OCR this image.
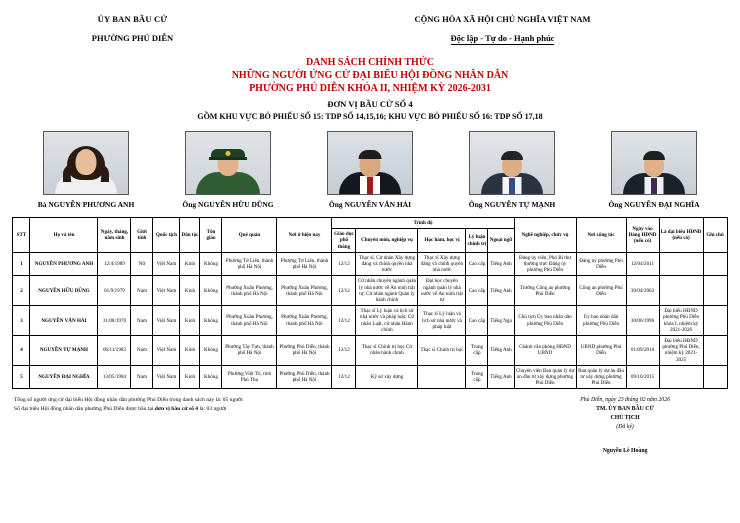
ỦY BAN BẦU CỬ
PHƯỜNG PHÚ DIỄN
CỘNG HÒA XÃ HỘI CHỦ NGHĨA VIỆT NAM
Độc lập - Tự do - Hạnh phúc
DANH SÁCH CHÍNH THỨC
NHỮNG NGƯỜI ỨNG CỬ ĐẠI BIỂU HỘI ĐỒNG NHÂN DÂN
PHƯỜNG PHÚ DIỄN KHÓA II, NHIỆM KỲ 2026-2031
ĐƠN VỊ BẦU CỬ SỐ 4
GỒM KHU VỰC BỎ PHIẾU SỐ 15: TDP SỐ 14,15,16; KHU VỰC BỎ PHIẾU SỐ 16: TDP SỐ 17,18
Bà NGUYỄN PHƯƠNG ANH	Ông NGUYỄN HỮU DŨNG	Ông NGUYỄN VĂN HẢI	Ông NGUYỄN TỰ MẠNH	Ông NGUYỄN ĐẠI NGHĨA
STT	Họ và tên	Ngày, tháng, năm sinh	Giới tính	Quốc tịch	Dân tộc	Tôn giáo	Quê quán	Nơi ở hiện nay	Trình độ					Nghề nghiệp, chức vụ	Nơi công tác	Ngày vào Đảng HĐND (nếu có)	Là đại biểu HĐND (nếu có)	Ghi chú
									Giáo dục phổ thông	Chuyên môn, nghiệp vụ	Học hàm, học vị	Lý luận chính trị	Ngoại ngữ					
1	NGUYỄN PHƯƠNG ANH	12/4/1989	Nữ	Việt Nam	Kinh	Không	Phường Tứ Liên, thành phố Hà Nội	Phường Tứ Liên, thành phố Hà Nội	12/12	Thạc sĩ, Cử nhân Xây dựng đảng và chính quyền nhà nước	Thạc sĩ Xây dựng đảng và chính quyền nhà nước	Cao cấp	Tiếng Anh	Đảng ủy viên, Phó Bí thư thường trực Đảng ủy phường Phú Diễn	Đảng ủy phường Phú Diễn	12/04/2011		
2	NGUYỄN HỮU DŨNG	01/9/1979	Nam	Việt Nam	Kinh	Không	Phường Xuân Phương, thành phố Hà Nội	Phường Xuân Phương, thành phố Hà Nội	12/12	Cử nhân chuyên ngành quản lý nhà nước về An ninh trật tự; Cử nhân ngành Quản lý hành chính	Đại học chuyên ngành quản lý nhà nước về An ninh trật tự	Cao cấp	Tiếng Anh	Trưởng Công an phường Phú Diễn	Công an phường Phú Diễn	30/04/2002		
3	NGUYỄN VĂN HẢI	31/08/1970	Nam	Việt Nam	Kinh	Không	Phường Xuân Phương, thành phố Hà Nội	Phường Xuân Phương, thành phố Hà Nội	12/12	Thạc sĩ Lý luận và lịch sử nhà nước và pháp luật; Cử nhân Luật, cử nhân Hành chính	Thạc sĩ Lý luận và lịch sử nhà nước và pháp luật	Cao cấp	Tiếng Nga	Chủ tịch Ủy ban nhân dân phường Phú Diễn	Ủy ban nhân dân phường Phú Diễn	30/06/1996	Đại biểu HĐND phường Phú Diễn khóa I, nhiệm kỳ 2021-2026	
4	NGUYỄN TỰ MẠNH	06/11/1983	Nam	Việt Nam	Kinh	Không	Phường Tây Tựu, thành phố Hà Nội	Phường Phú Diễn, thành phố Hà Nội	12/12	Thạc sĩ Chính trị học Cử nhân hành chính	Thạc sĩ Chính trị học	Trung cấp	Tiếng Anh	Chánh văn phòng HĐND UBND	UBND phường Phú Diễn	01/09/2016	Đại biểu HĐND phường Phú Diễn, nhiệm kỳ 2021-2025	
5	NGUYỄN ĐẠI NGHĨA	13/05/1984	Nam	Việt Nam	Kinh	Không	Phường Việt Trì, tỉnh Phú Thọ	Phường Phú Diễn, thành phố Hà Nội	12/12	Kỹ sư xây dựng		Trung cấp	Tiếng Anh	Chuyên viên Ban quản lý dự án đầu tư xây dựng phường Phú Diễn	Ban quản lý dự án đầu tư xây dựng phường Phú Diễn	09/10/2015		
Tổng số người ứng cử đại biểu Hội đồng nhân dân phường Phú Diễn trong danh sách này là: 05 người
Số đại biểu Hội đồng nhân dân phường Phú Diễn được bầu tại đơn vị bầu cử số 4 là: 03 người
Phú Diễn, ngày 23 tháng 02 năm 2026
TM. ỦY BAN BẦU CỬ
CHỦ TỊCH
(Đã ký)
Nguyễn Lê Hoàng
